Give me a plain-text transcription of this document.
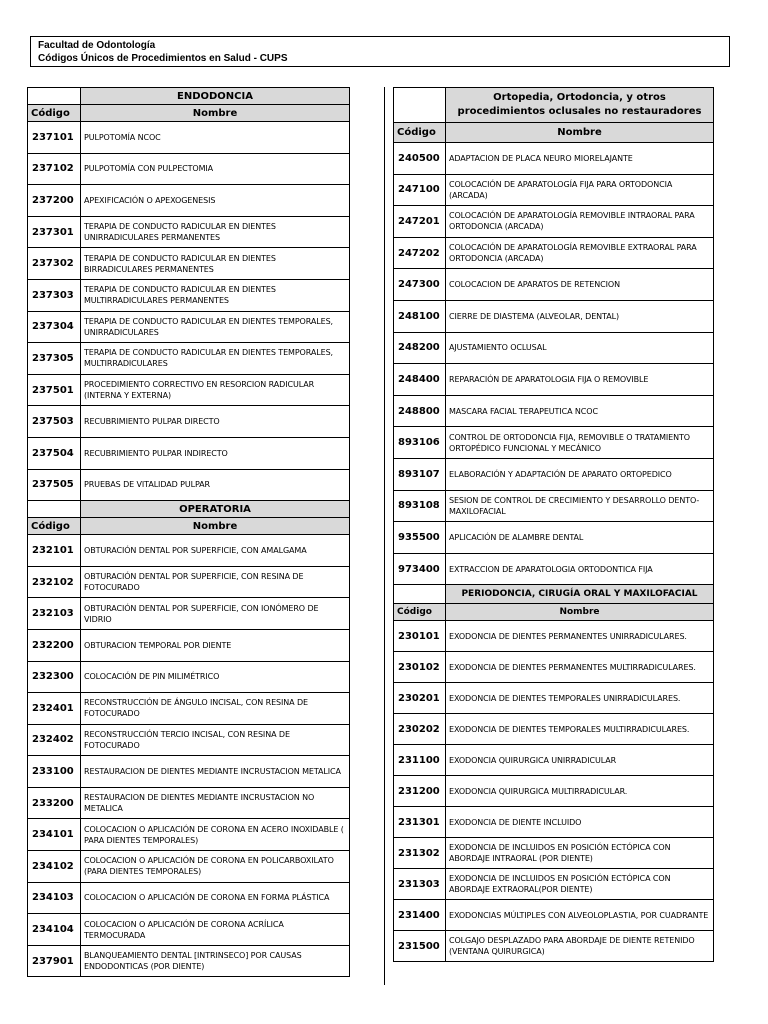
Facultad de Odontología
Códigos Únicos de Procedimientos en Salud - CUPS
	ENDODONCIA
Código	Nombre
237101	PULPOTOMÍA NCOC
237102	PULPOTOMÍA CON PULPECTOMIA
237200	APEXIFICACIÓN O APEXOGENESIS
237301	TERAPIA DE CONDUCTO RADICULAR EN DIENTES UNIRRADICULARES PERMANENTES
237302	TERAPIA DE CONDUCTO RADICULAR EN DIENTES BIRRADICULARES PERMANENTES
237303	TERAPIA DE CONDUCTO RADICULAR EN DIENTES MULTIRRADICULARES PERMANENTES
237304	TERAPIA DE CONDUCTO RADICULAR EN DIENTES TEMPORALES, UNIRRADICULARES
237305	TERAPIA DE CONDUCTO RADICULAR EN DIENTES TEMPORALES, MULTIRRADICULARES
237501	PROCEDIMIENTO CORRECTIVO EN RESORCION RADICULAR (INTERNA Y EXTERNA)
237503	RECUBRIMIENTO PULPAR DIRECTO
237504	RECUBRIMIENTO PULPAR INDIRECTO
237505	PRUEBAS DE VITALIDAD PULPAR
	OPERATORIA
Código	Nombre
232101	OBTURACIÓN DENTAL POR SUPERFICIE, CON AMALGAMA
232102	OBTURACIÓN DENTAL POR SUPERFICIE, CON RESINA DE FOTOCURADO
232103	OBTURACIÓN DENTAL POR SUPERFICIE, CON IONÓMERO DE VIDRIO
232200	OBTURACION TEMPORAL POR DIENTE
232300	COLOCACIÓN DE PIN MILIMÉTRICO
232401	RECONSTRUCCIÓN DE ÁNGULO INCISAL, CON RESINA DE FOTOCURADO
232402	RECONSTRUCCIÓN TERCIO INCISAL, CON RESINA DE FOTOCURADO
233100	RESTAURACION DE DIENTES MEDIANTE INCRUSTACION METALICA
233200	RESTAURACION DE DIENTES MEDIANTE INCRUSTACION NO METALICA
234101	COLOCACION O APLICACIÓN DE CORONA EN ACERO INOXIDABLE ( PARA DIENTES TEMPORALES)
234102	COLOCACION O APLICACIÓN DE CORONA EN POLICARBOXILATO (PARA DIENTES TEMPORALES)
234103	COLOCACION O APLICACIÓN DE CORONA EN FORMA PLÁSTICA
234104	COLOCACION O APLICACIÓN DE CORONA ACRÍLICA TERMOCURADA
237901	BLANQUEAMIENTO DENTAL [INTRINSECO] POR CAUSAS ENDODONTICAS (POR DIENTE)
	Ortopedia, Ortodoncia, y otros procedimientos oclusales no restauradores
Código	Nombre
240500	ADAPTACION DE PLACA NEURO MIORELAJANTE
247100	COLOCACIÓN DE APARATOLOGÍA FIJA PARA ORTODONCIA (ARCADA)
247201	COLOCACIÓN DE APARATOLOGÍA REMOVIBLE INTRAORAL PARA ORTODONCIA (ARCADA)
247202	COLOCACIÓN DE APARATOLOGÍA REMOVIBLE EXTRAORAL PARA ORTODONCIA (ARCADA)
247300	COLOCACION DE APARATOS DE RETENCION
248100	CIERRE DE DIASTEMA (ALVEOLAR, DENTAL)
248200	AJUSTAMIENTO OCLUSAL
248400	REPARACIÓN DE APARATOLOGIA FIJA O REMOVIBLE
248800	MASCARA FACIAL TERAPEUTICA NCOC
893106	CONTROL DE ORTODONCIA FIJA, REMOVIBLE O TRATAMIENTO ORTOPÉDICO FUNCIONAL Y MECÁNICO
893107	ELABORACIÓN Y ADAPTACIÓN DE APARATO ORTOPEDICO
893108	SESION DE CONTROL DE CRECIMIENTO Y DESARROLLO DENTO-MAXILOFACIAL
935500	APLICACIÓN DE ALAMBRE DENTAL
973400	EXTRACCION DE APARATOLOGIA ORTODONTICA FIJA
	PERIODONCIA, CIRUGÍA ORAL Y MAXILOFACIAL
Código	Nombre
230101	EXODONCIA DE DIENTES PERMANENTES UNIRRADICULARES.
230102	EXODONCIA DE DIENTES PERMANENTES MULTIRRADICULARES.
230201	EXODONCIA DE DIENTES TEMPORALES UNIRRADICULARES.
230202	EXODONCIA DE DIENTES TEMPORALES MULTIRRADICULARES.
231100	EXODONCIA QUIRURGICA UNIRRADICULAR
231200	EXODONCIA QUIRURGICA MULTIRRADICULAR.
231301	EXODONCIA DE DIENTE INCLUIDO
231302	EXODONCIA DE INCLUIDOS EN POSICIÓN ECTÓPICA CON ABORDAJE INTRAORAL (POR DIENTE)
231303	EXODONCIA DE INCLUIDOS EN POSICIÓN ECTÓPICA CON ABORDAJE EXTRAORAL(POR DIENTE)
231400	EXODONCIAS MÚLTIPLES CON ALVEOLOPLASTIA, POR CUADRANTE
231500	COLGAJO DESPLAZADO PARA ABORDAJE DE DIENTE RETENIDO (VENTANA QUIRURGICA)
